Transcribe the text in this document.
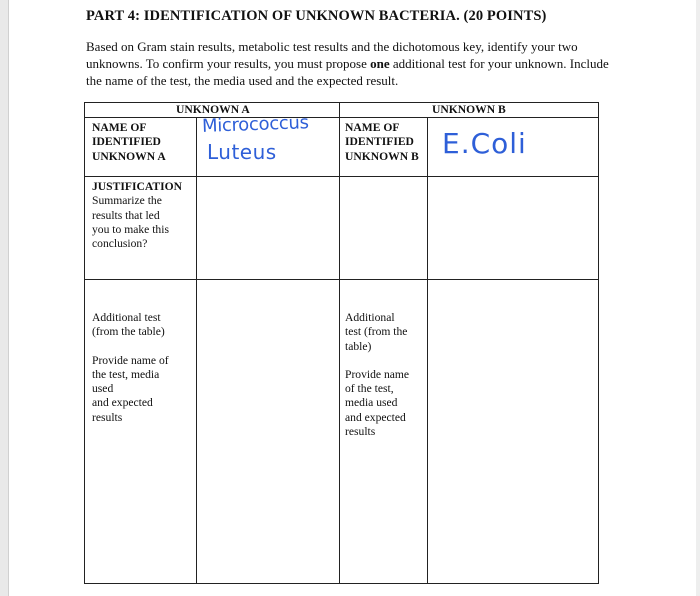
PART 4: IDENTIFICATION OF UNKNOWN BACTERIA. (20 POINTS)

Based on Gram stain results, metabolic test results and the dichotomous key, identify your two unknowns. To confirm your results, you must propose one additional test for your unknown. Include the name of the test, the media used and the expected result.

UNKNOWN A	UNKNOWN B
NAME OF
IDENTIFIED
UNKNOWN A
NAME OF
IDENTIFIED
UNKNOWN B
Micrococcus
Luteus	E.Coli
JUSTIFICATION
Summarize the
results that led
you to make this
conclusion?
Additional test
(from the table)
Provide name of
the test, media
used
and expected
results
Additional
test (from the
table)
Provide name
of the test,
media used
and expected
results
